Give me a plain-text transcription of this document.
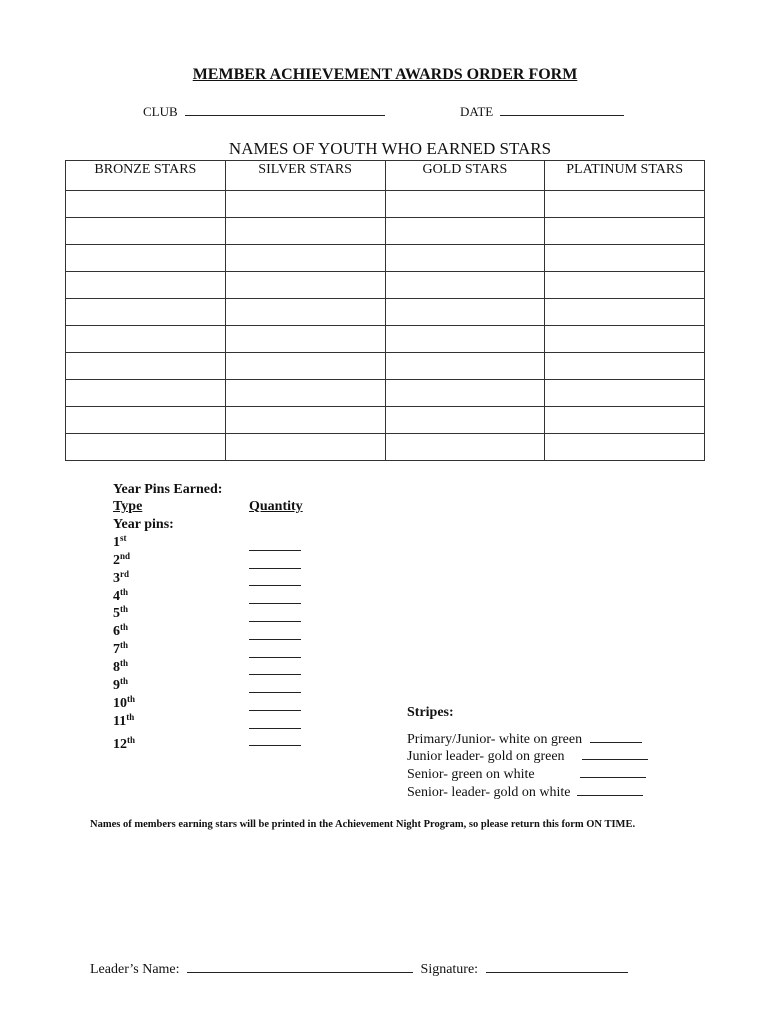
MEMBER ACHIEVEMENT AWARDS ORDER FORM
CLUB	DATE
NAMES OF YOUTH WHO EARNED STARS
BRONZE STARS	SILVER STARS	GOLD STARS	PLATINUM STARS

Year Pins Earned:
Type	Quantity
Year pins:
1st
2nd
3rd
4th
5th
6th
7th
8th
9th
10th
11th
12th
Stripes:
Primary/Junior- white on green
Junior leader- gold on green
Senior- green on white
Senior- leader- gold on white
Names of members earning stars will be printed in the Achievement Night Program, so please return this form ON TIME.
Leader’s Name:	Signature:
